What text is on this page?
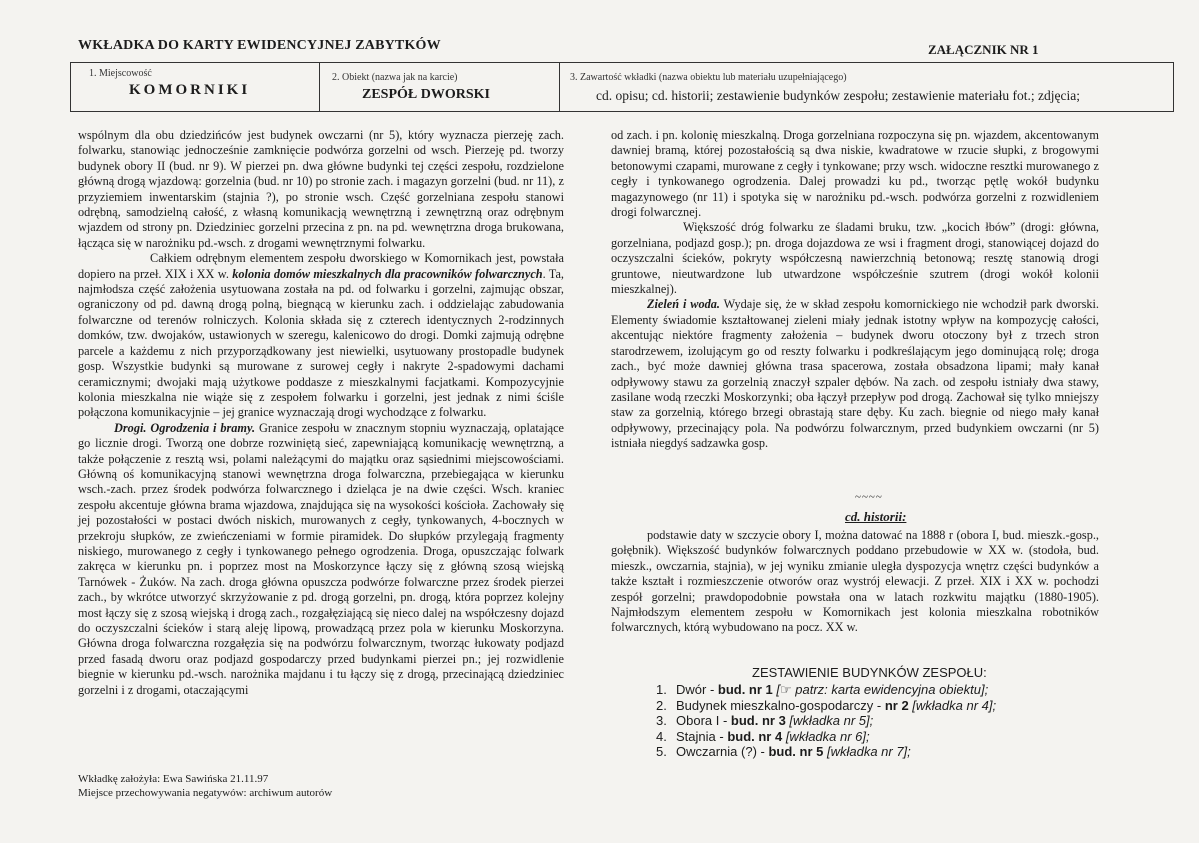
WKŁADKA DO KARTY EWIDENCYJNEJ ZABYTKÓW	ZAŁĄCZNIK NR 1
1. Miejscowość
KOMORNIKI
2. Obiekt (nazwa jak na karcie)
ZESPÓŁ DWORSKI
3. Zawartość wkładki (nazwa obiektu lub materiału uzupełniającego)
cd. opisu; cd. historii; zestawienie budynków zespołu; zestawienie materiału fot.; zdjęcia;

wspólnym dla obu dziedzińców jest budynek owczarni (nr 5), który wyznacza pierzeję zach. folwarku, stanowiąc jednocześnie zamknięcie podwórza gorzelni od wsch. Pierzeję pd. tworzy budynek obory II (bud. nr 9). W pierzei pn. dwa główne budynki tej części zespołu, rozdzielone główną drogą wjazdową: gorzelnia (bud. nr 10) po stronie zach. i magazyn gorzelni (bud. nr 11), z przyziemiem inwentarskim (stajnia ?), po stronie wsch. Część gorzelniana zespołu stanowi odrębną, samodzielną całość, z własną komunikacją wewnętrzną i zewnętrzną oraz odrębnym wjazdem od strony pn. Dziedziniec gorzelni przecina z pn. na pd. wewnętrzna droga brukowana, łącząca się w narożniku pd.-wsch. z drogami wewnętrznymi folwarku.

Całkiem odrębnym elementem zespołu dworskiego w Komornikach jest, powstała dopiero na przeł. XIX i XX w. kolonia domów mieszkalnych dla pracowników folwarcznych. Ta, najmłodsza część założenia usytuowana została na pd. od folwarku i gorzelni, zajmując obszar, ograniczony od pd. dawną drogą polną, biegnącą w kierunku zach. i oddzielając zabudowania folwarczne od terenów rolniczych. Kolonia składa się z czterech identycznych 2-rodzinnych domków, tzw. dwojaków, ustawionych w szeregu, kalenicowo do drogi. Domki zajmują odrębne parcele a każdemu z nich przyporządkowany jest niewielki, usytuowany prostopadle budynek gosp. Wszystkie budynki są murowane z surowej cegły i nakryte 2-spadowymi dachami ceramicznymi; dwojaki mają użytkowe poddasze z mieszkalnymi facjatkami. Kompozycyjnie kolonia mieszkalna nie wiąże się z zespołem folwarku i gorzelni, jest jednak z nimi ściśle połączona komunikacyjnie – jej granice wyznaczają drogi wychodzące z folwarku.

Drogi. Ogrodzenia i bramy. Granice zespołu w znacznym stopniu wyznaczają, oplatające go licznie drogi. Tworzą one dobrze rozwiniętą sieć, zapewniającą komunikację wewnętrzną, a także połączenie z resztą wsi, polami należącymi do majątku oraz sąsiednimi miejscowościami. Główną oś komunikacyjną stanowi wewnętrzna droga folwarczna, przebiegająca w kierunku wsch.-zach. przez środek podwórza folwarcznego i dzieląca je na dwie części. Wsch. kraniec zespołu akcentuje główna brama wjazdowa, znajdująca się na wysokości kościoła. Zachowały się jej pozostałości w postaci dwóch niskich, murowanych z cegły, tynkowanych, 4-bocznych w przekroju słupków, ze zwieńczeniami w formie piramidek. Do słupków przylegają fragmenty niskiego, murowanego z cegły i tynkowanego pełnego ogrodzenia. Droga, opuszczając folwark zakręca w kierunku pn. i poprzez most na Moskorzynce łączy się z główną szosą wiejską Tarnówek - Żuków. Na zach. droga główna opuszcza podwórze folwarczne przez środek pierzei zach., by wkrótce utworzyć skrzyżowanie z pd. drogą gorzelni, pn. drogą, która poprzez kolejny most łączy się z szosą wiejską i drogą zach., rozgałęziającą się nieco dalej na współczesny dojazd do oczyszczalni ścieków i starą aleję lipową, prowadzącą przez pola w kierunku Moskorzyna. Główna droga folwarczna rozgałęzia się na podwórzu folwarcznym, tworząc łukowaty podjazd przed fasadą dworu oraz podjazd gospodarczy przed budynkami pierzei pn.; jej rozwidlenie biegnie w kierunku pd.-wsch. narożnika majdanu i tu łączy się z drogą, przecinającą dziedziniec gorzelni i z drogami, otaczającymi

od zach. i pn. kolonię mieszkalną. Droga gorzelniana rozpoczyna się pn. wjazdem, akcentowanym dawniej bramą, której pozostałością są dwa niskie, kwadratowe w rzucie słupki, z brogowymi betonowymi czapami, murowane z cegły i tynkowane; przy wsch. widoczne resztki murowanego z cegły i tynkowanego ogrodzenia. Dalej prowadzi ku pd., tworząc pętlę wokół budynku magazynowego (nr 11) i spotyka się w narożniku pd.-wsch. podwórza gorzelni z rozwidleniem drogi folwarcznej.

Większość dróg folwarku ze śladami bruku, tzw. „kocich łbów” (drogi: główna, gorzelniana, podjazd gosp.); pn. droga dojazdowa ze wsi i fragment drogi, stanowiącej dojazd do oczyszczalni ścieków, pokryty współczesną nawierzchnią betonową; resztę stanowią drogi gruntowe, nieutwardzone lub utwardzone współcześnie szutrem (drogi wokół kolonii mieszkalnej).

Zieleń i woda. Wydaje się, że w skład zespołu komornickiego nie wchodził park dworski. Elementy świadomie kształtowanej zieleni miały jednak istotny wpływ na kompozycję całości, akcentując niektóre fragmenty założenia – budynek dworu otoczony był z trzech stron starodrzewem, izolującym go od reszty folwarku i podkreślającym jego dominującą rolę; droga zach., być może dawniej główna trasa spacerowa, została obsadzona lipami; mały kanał odpływowy stawu za gorzelnią znaczył szpaler dębów. Na zach. od zespołu istniały dwa stawy, zasilane wodą rzeczki Moskorzynki; oba łączył przepływ pod drogą. Zachował się tylko mniejszy staw za gorzelnią, którego brzegi obrastają stare dęby. Ku zach. biegnie od niego mały kanał odpływowy, przecinający pola. Na podwórzu folwarcznym, przed budynkiem owczarni (nr 5) istniała niegdyś sadzawka gosp.

~~~~
cd. historii:

podstawie daty w szczycie obory I, można datować na 1888 r (obora I, bud. mieszk.-gosp., gołębnik). Większość budynków folwarcznych poddano przebudowie w XX w. (stodoła, bud. mieszk., owczarnia, stajnia), w jej wyniku zmianie uległa dyspozycja wnętrz części budynków a także kształt i rozmieszczenie otworów oraz wystrój elewacji. Z przeł. XIX i XX w. pochodzi zespół gorzelni; prawdopodobnie powstała ona w latach rozkwitu majątku (1880-1905). Najmłodszym elementem zespołu w Komornikach jest kolonia mieszkalna robotników folwarcznych, którą wybudowano na pocz. XX w.

ZESTAWIENIE BUDYNKÓW ZESPOŁU:
1. Dwór - bud. nr 1 [☞ patrz: karta ewidencyjna obiektu];
2. Budynek mieszkalno-gospodarczy - nr 2 [wkładka nr 4];
3. Obora I - bud. nr 3 [wkładka nr 5];
4. Stajnia - bud. nr 4 [wkładka nr 6];
5. Owczarnia (?) - bud. nr 5 [wkładka nr 7];
Wkładkę założyła: Ewa Sawińska 21.11.97
Miejsce przechowywania negatywów: archiwum autorów
